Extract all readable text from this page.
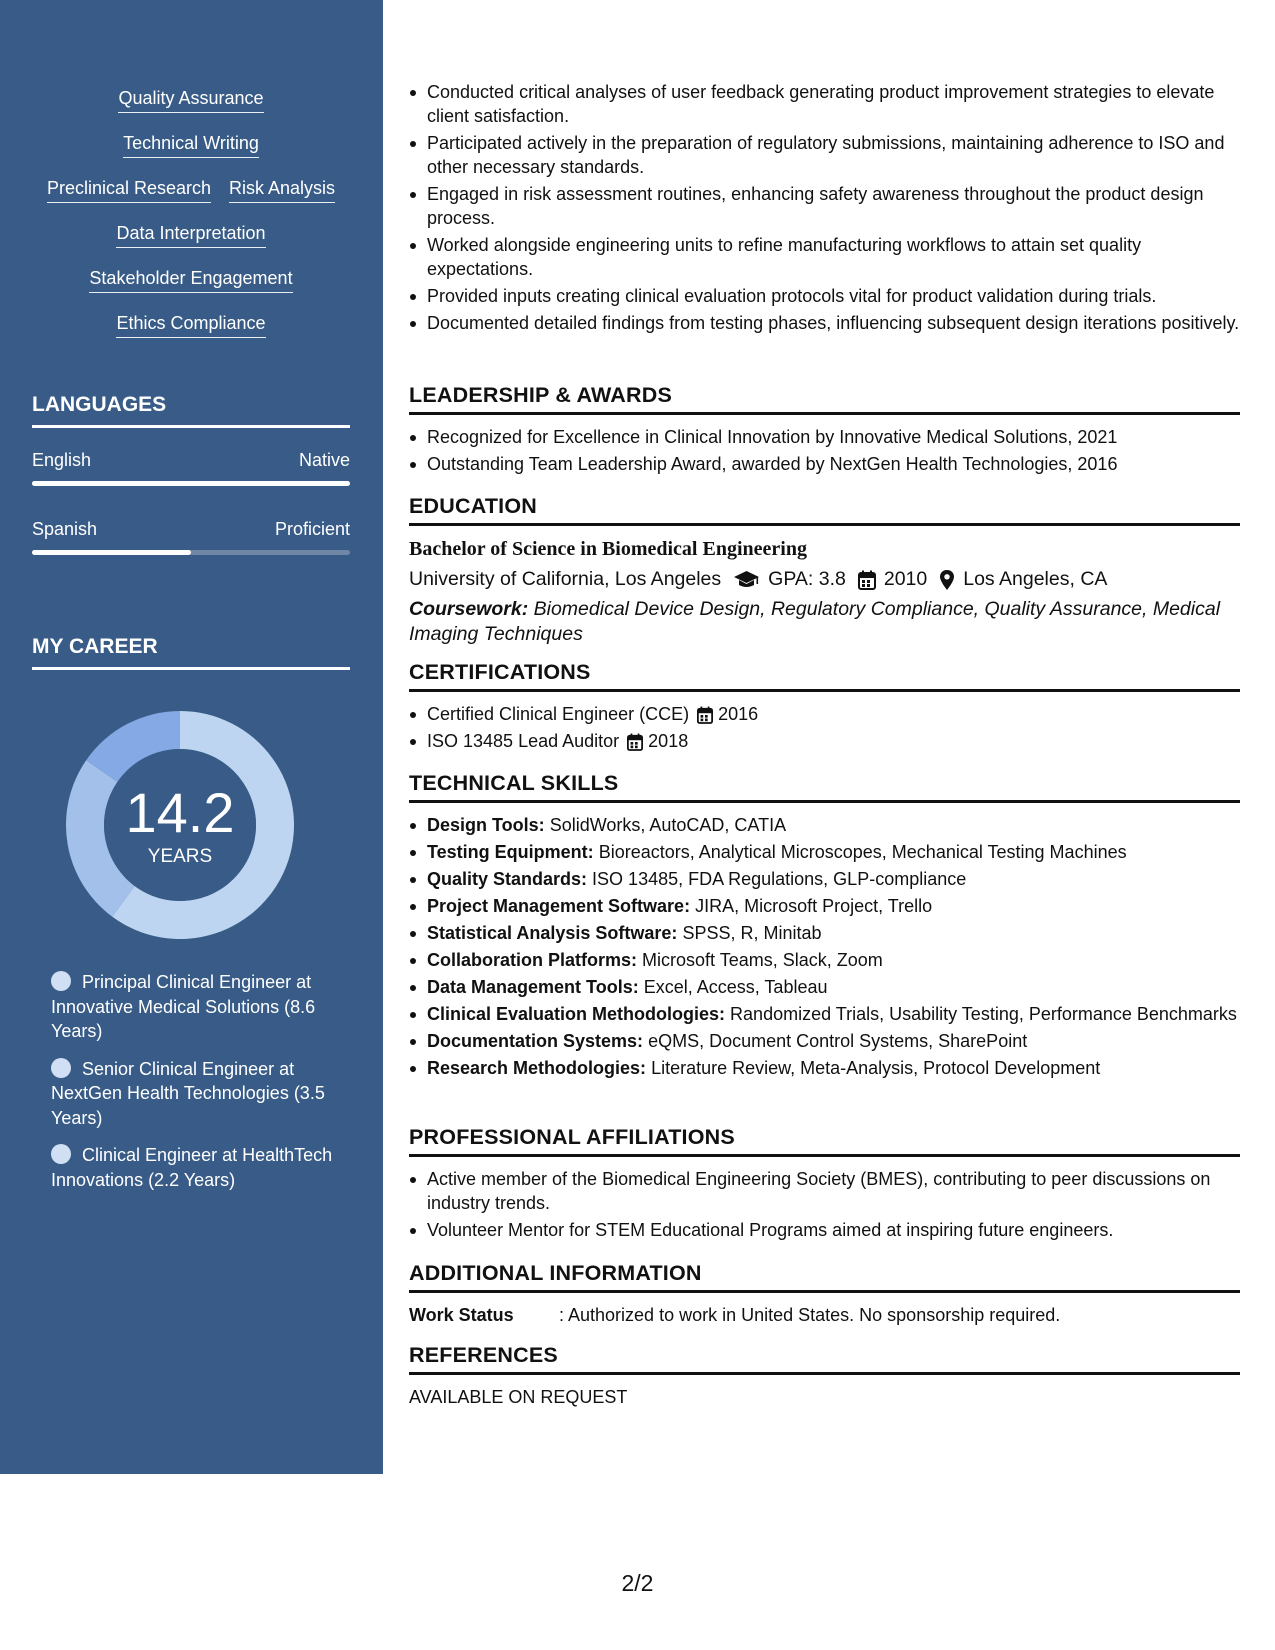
Quality Assurance
Technical Writing
Preclinical Research Risk Analysis
Data Interpretation
Stakeholder Engagement
Ethics Compliance
LANGUAGES
English	Native
Spanish	Proficient
MY CAREER
14.2
YEARS
Principal Clinical Engineer at Innovative Medical Solutions (8.6 Years)
Senior Clinical Engineer at NextGen Health Technologies (3.5 Years)
Clinical Engineer at HealthTech Innovations (2.2 Years)
Conducted critical analyses of user feedback generating product improvement strategies to elevate client satisfaction.
Participated actively in the preparation of regulatory submissions, maintaining adherence to ISO and other necessary standards.
Engaged in risk assessment routines, enhancing safety awareness throughout the product design process.
Worked alongside engineering units to refine manufacturing workflows to attain set quality expectations.
Provided inputs creating clinical evaluation protocols vital for product validation during trials.
Documented detailed findings from testing phases, influencing subsequent design iterations positively.
LEADERSHIP & AWARDS
Recognized for Excellence in Clinical Innovation by Innovative Medical Solutions, 2021
Outstanding Team Leadership Award, awarded by NextGen Health Technologies, 2016
EDUCATION
Bachelor of Science in Biomedical Engineering
University of California, Los Angeles GPA: 3.8 2010 Los Angeles, CA
Coursework: Biomedical Device Design, Regulatory Compliance, Quality Assurance, Medical Imaging Techniques
CERTIFICATIONS
Certified Clinical Engineer (CCE) 2016
ISO 13485 Lead Auditor 2018
TECHNICAL SKILLS
Design Tools: SolidWorks, AutoCAD, CATIA
Testing Equipment: Bioreactors, Analytical Microscopes, Mechanical Testing Machines
Quality Standards: ISO 13485, FDA Regulations, GLP-compliance
Project Management Software: JIRA, Microsoft Project, Trello
Statistical Analysis Software: SPSS, R, Minitab
Collaboration Platforms: Microsoft Teams, Slack, Zoom
Data Management Tools: Excel, Access, Tableau
Clinical Evaluation Methodologies: Randomized Trials, Usability Testing, Performance Benchmarks
Documentation Systems: eQMS, Document Control Systems, SharePoint
Research Methodologies: Literature Review, Meta-Analysis, Protocol Development
PROFESSIONAL AFFILIATIONS
Active member of the Biomedical Engineering Society (BMES), contributing to peer discussions on industry trends.
Volunteer Mentor for STEM Educational Programs aimed at inspiring future engineers.
ADDITIONAL INFORMATION
Work Status	: Authorized to work in United States. No sponsorship required.
REFERENCES
AVAILABLE ON REQUEST
2/2
